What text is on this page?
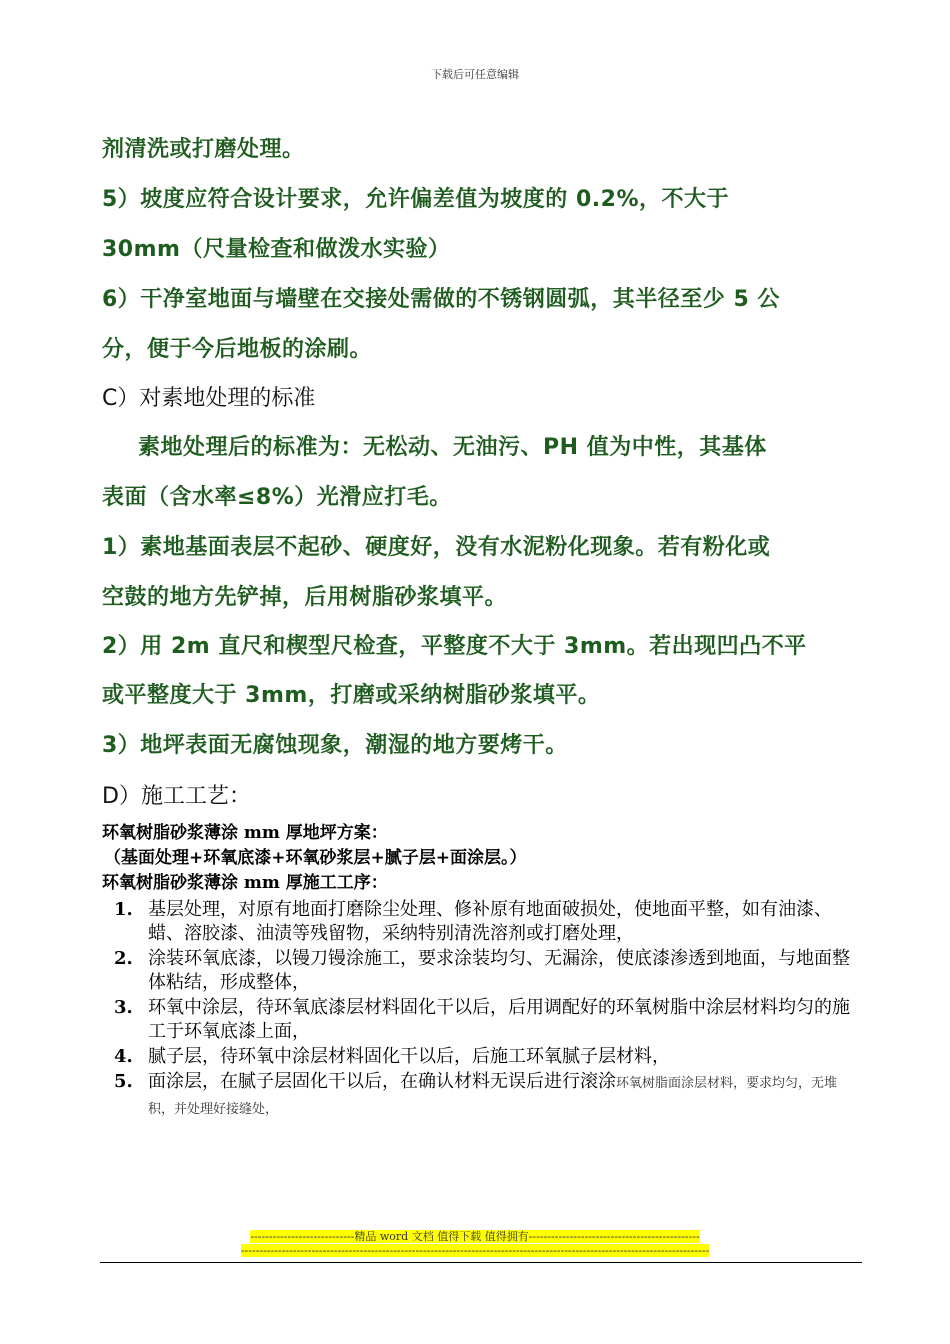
下载后可任意编辑
剂清洗或打磨处理。
5）坡度应符合设计要求，允许偏差值为坡度的 0.2%，不大于
30mm（尺量检查和做泼水实验）
6）干净室地面与墙壁在交接处需做的不锈钢圆弧，其半径至少 5 公
分，便于今后地板的涂刷。
C）对素地处理的标准
素地处理后的标准为：无松动、无油污、PH 值为中性，其基体
表面（含水率≤8%）光滑应打毛。
1）素地基面表层不起砂、硬度好，没有水泥粉化现象。若有粉化或
空鼓的地方先铲掉，后用树脂砂浆填平。
2）用 2m 直尺和楔型尺检查，平整度不大于 3mm。若出现凹凸不平
或平整度大于 3mm，打磨或采纳树脂砂浆填平。
3）地坪表面无腐蚀现象，潮湿的地方要烤干。
D）施工工艺：
环氧树脂砂浆薄涂 mm 厚地坪方案：
（基面处理+环氧底漆+环氧砂浆层+腻子层+面涂层。）
环氧树脂砂浆薄涂 mm 厚施工工序：
1. 基层处理，对原有地面打磨除尘处理、修补原有地面破损处，使地面平整，如有油漆、蜡、溶胶漆、油渍等残留物，采纳特别清洗溶剂或打磨处理，
2. 涂装环氧底漆，以镘刀镘涂施工，要求涂装均匀、无漏涂，使底漆渗透到地面，与地面整体粘结，形成整体，
3. 环氧中涂层，待环氧底漆层材料固化干以后，后用调配好的环氧树脂中涂层材料均匀的施工于环氧底漆上面，
4. 腻子层，待环氧中涂层材料固化干以后，后施工环氧腻子层材料，
5. 面涂层，在腻子层固化干以后，在确认材料无误后进行滚涂环氧树脂面涂层材料，要求均匀，无堆积，并处理好接缝处，
----------------------------精品 word 文档 值得下载 值得拥有----------------------------------------------
------------------------------------------------------------------------------------------------------------------------------
